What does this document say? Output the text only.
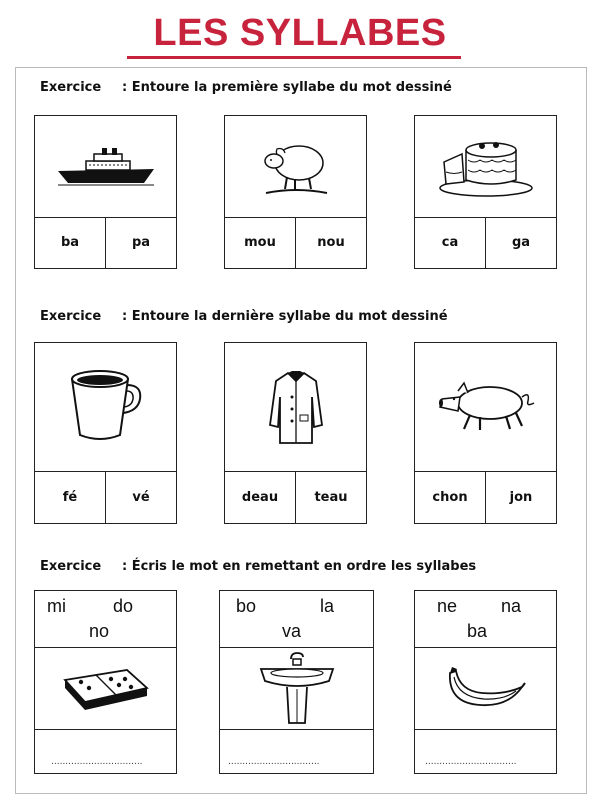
LES SYLLABES
Exercice : Entoure la première syllabe du mot dessiné
ba	pa	mou	nou	ca	ga
Exercice : Entoure la dernière syllabe du mot dessiné
fé	vé	deau	teau	chon	jon
Exercice : Écris le mot en remettant en ordre les syllabes
mi	do
no
................................
bo	la
va
................................
ne na
ba
................................
